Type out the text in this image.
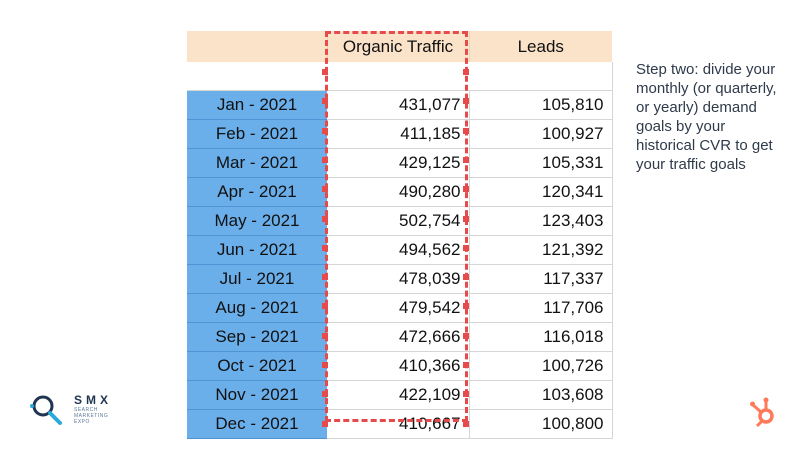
	Organic Traffic	Leads

Jan - 2021	431,077	105,810
Feb - 2021	411,185	100,927
Mar - 2021	429,125	105,331
Apr - 2021	490,280	120,341
May - 2021	502,754	123,403
Jun - 2021	494,562	121,392
Jul - 2021	478,039	117,337
Aug - 2021	479,542	117,706
Sep - 2021	472,666	116,018
Oct - 2021	410,366	100,726
Nov - 2021	422,109	103,608
Dec - 2021	410,667	100,800
Step two: divide your monthly (or quarterly, or yearly) demand goals by your historical CVR to get your traffic goals
SMX
SEARCH MARKETING EXPO
